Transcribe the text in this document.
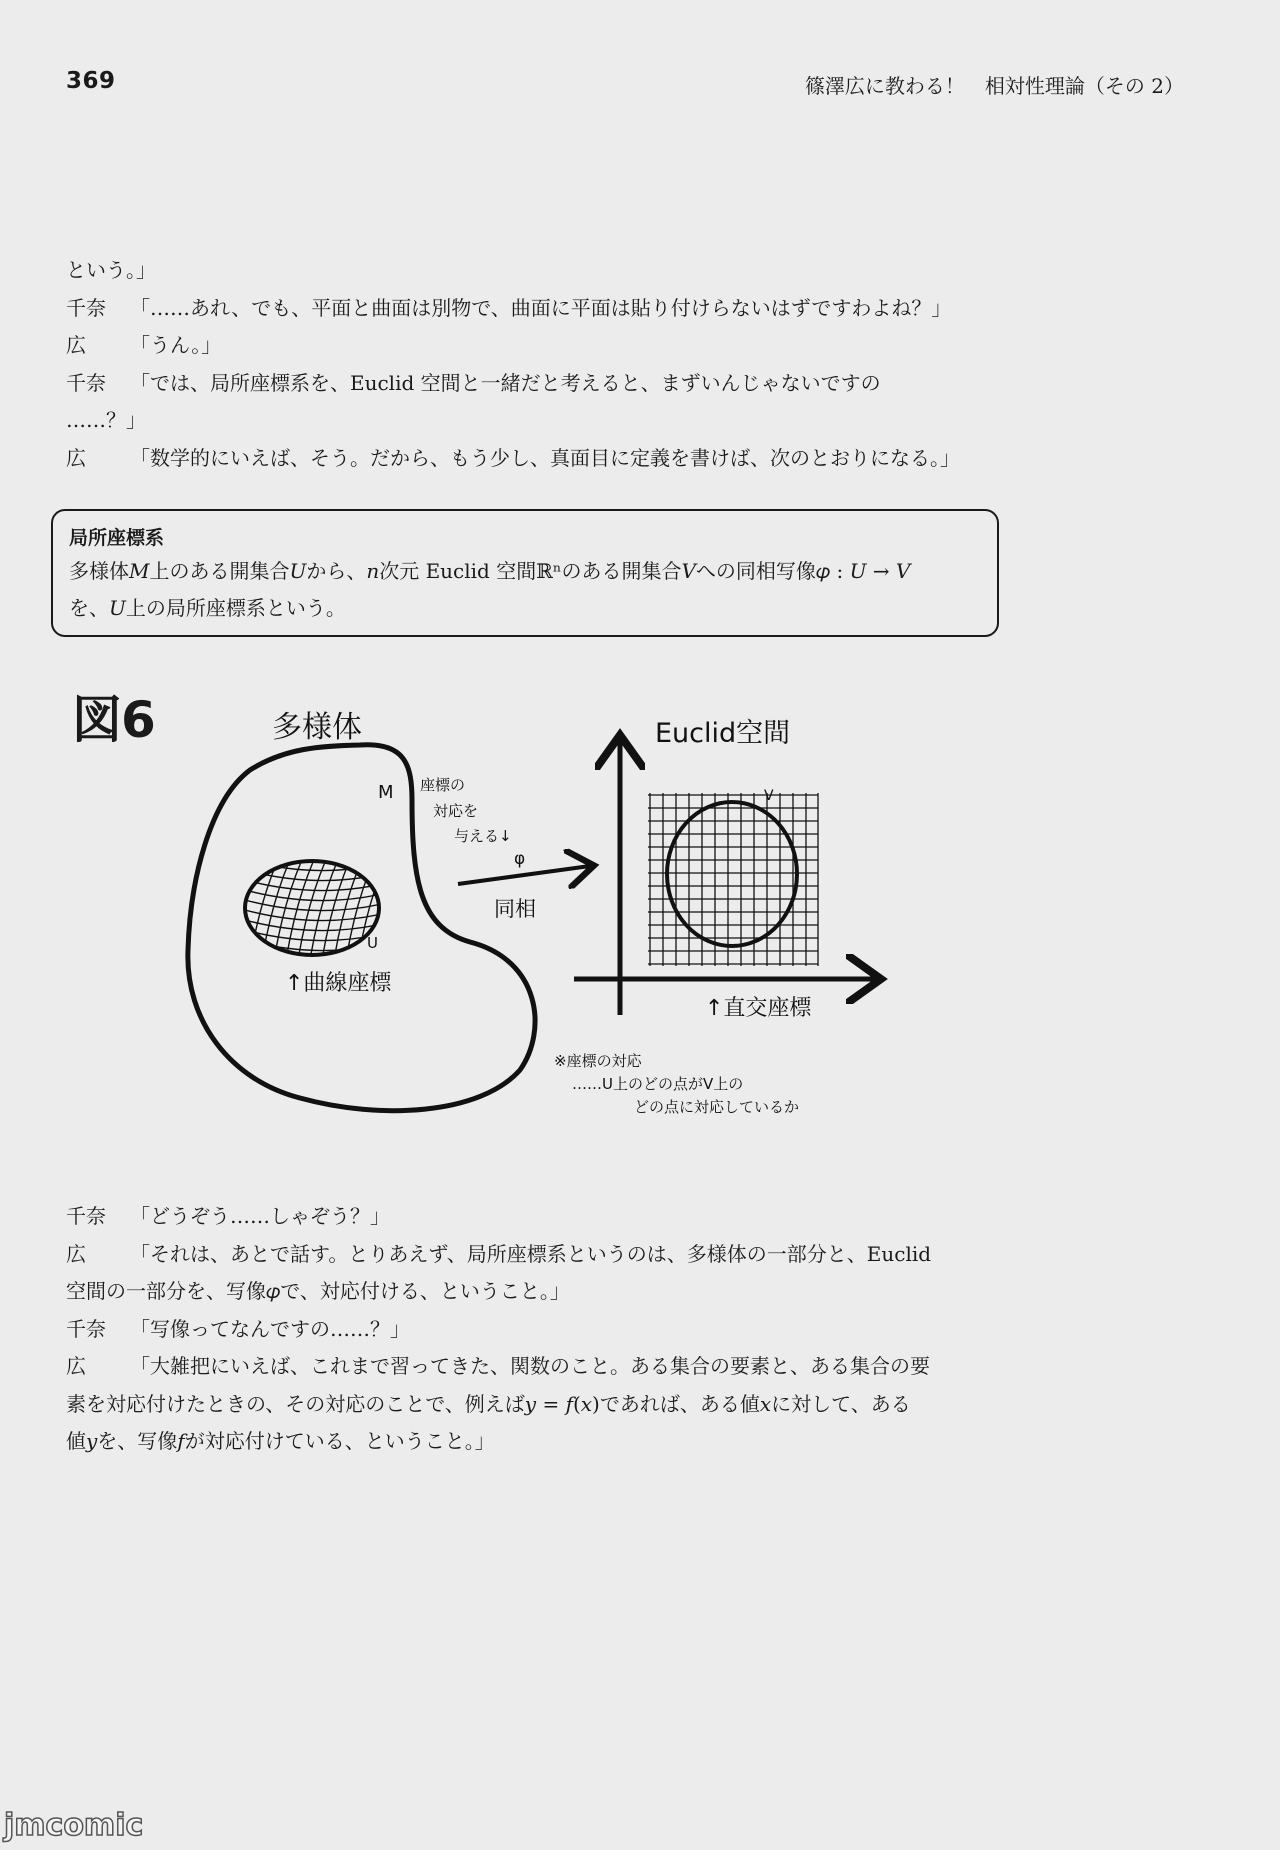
369	篠澤広に教わる！　相対性理論（その 2）
という。」
千奈	「……あれ、でも、平面と曲面は別物で、曲面に平面は貼り付けらないはずですわよね？」
広	「うん。」
千奈	「では、局所座標系を、Euclid 空間と一緒だと考えると、まずいんじゃないですの
……？」
広	「数学的にいえば、そう。だから、もう少し、真面目に定義を書けば、次のとおりになる。」
局所座標系
多様体𝑀上のある開集合𝑈から、𝑛次元 Euclid 空間ℝⁿのある開集合𝑉への同相写像𝜑 : 𝑈 → 𝑉
を、𝑈上の局所座標系という。
図6	多様体
M
U
↑曲線座標
座標の
対応を
与える↓
φ
同相
Euclid空間
V
↑直交座標
※座標の対応
……U上のどの点がV上の
どの点に対応しているか
千奈	「どうぞう……しゃぞう？」
広	「それは、あとで話す。とりあえず、局所座標系というのは、多様体の一部分と、Euclid
空間の一部分を、写像𝜑で、対応付ける、ということ。」
千奈	「写像ってなんですの……？」
広	「大雑把にいえば、これまで習ってきた、関数のこと。ある集合の要素と、ある集合の要
素を対応付けたときの、その対応のことで、例えば𝑦 = 𝑓(𝑥)であれば、ある値𝑥に対して、ある
値𝑦を、写像𝑓が対応付けている、ということ。」
jmcomic
